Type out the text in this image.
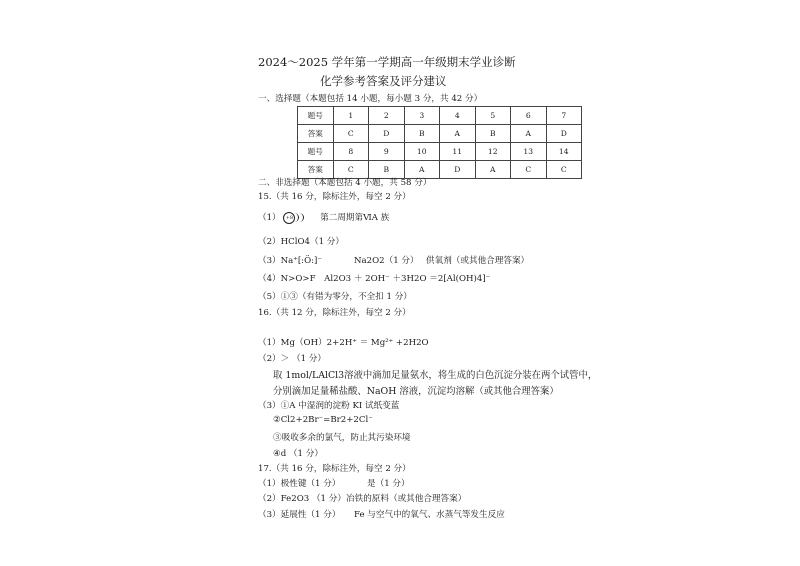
2024～2025 学年第一学期高一年级期末学业诊断
化学参考答案及评分建议
一、选择题（本题包括 14 小题，每小题 3 分，共 42 分）
题号	1	2	3	4	5	6	7
答案	C	D	B	A	B	A	D
题号	8	9	10	11	12	13	14
答案	C	B	A	D	A	C	C
二、非选择题（本题包括 4 小题，共 58 分）
15.（共 16 分，除标注外，每空 2 分）
（1）	+8	第二周期第ⅥA 族
（2）HClO4（1 分）
（3）Na⁺[:Ö:]⁻	Na2O2（1 分） 供氧剂（或其他合理答案）
（4）N>O>F　Al2O3 ＋ 2OH⁻ ＋3H2O ＝2[Al(OH)4]⁻
（5）①③（有错为零分，不全扣 1 分）
16.（共 12 分，除标注外，每空 2 分）
（1）Mg（OH）2+2H⁺ ＝ Mg²⁺ +2H2O
（2）＞ （1 分）
取 1mol/LAlCl3溶液中滴加足量氨水，将生成的白色沉淀分装在两个试管中，
分别滴加足量稀盐酸、NaOH 溶液，沉淀均溶解（或其他合理答案）
（3）①A 中湿润的淀粉 KI 试纸变蓝
②Cl2+2Br⁻=Br2+2Cl⁻
③吸收多余的氯气，防止其污染环境
④d （1 分）
17.（共 16 分，除标注外，每空 2 分）
（1）极性键（1 分）	是（1 分）
（2）Fe2O3 （1 分） 冶铁的原料（或其他合理答案）
（3）延展性（1 分） Fe 与空气中的氧气、水蒸气等发生反应
